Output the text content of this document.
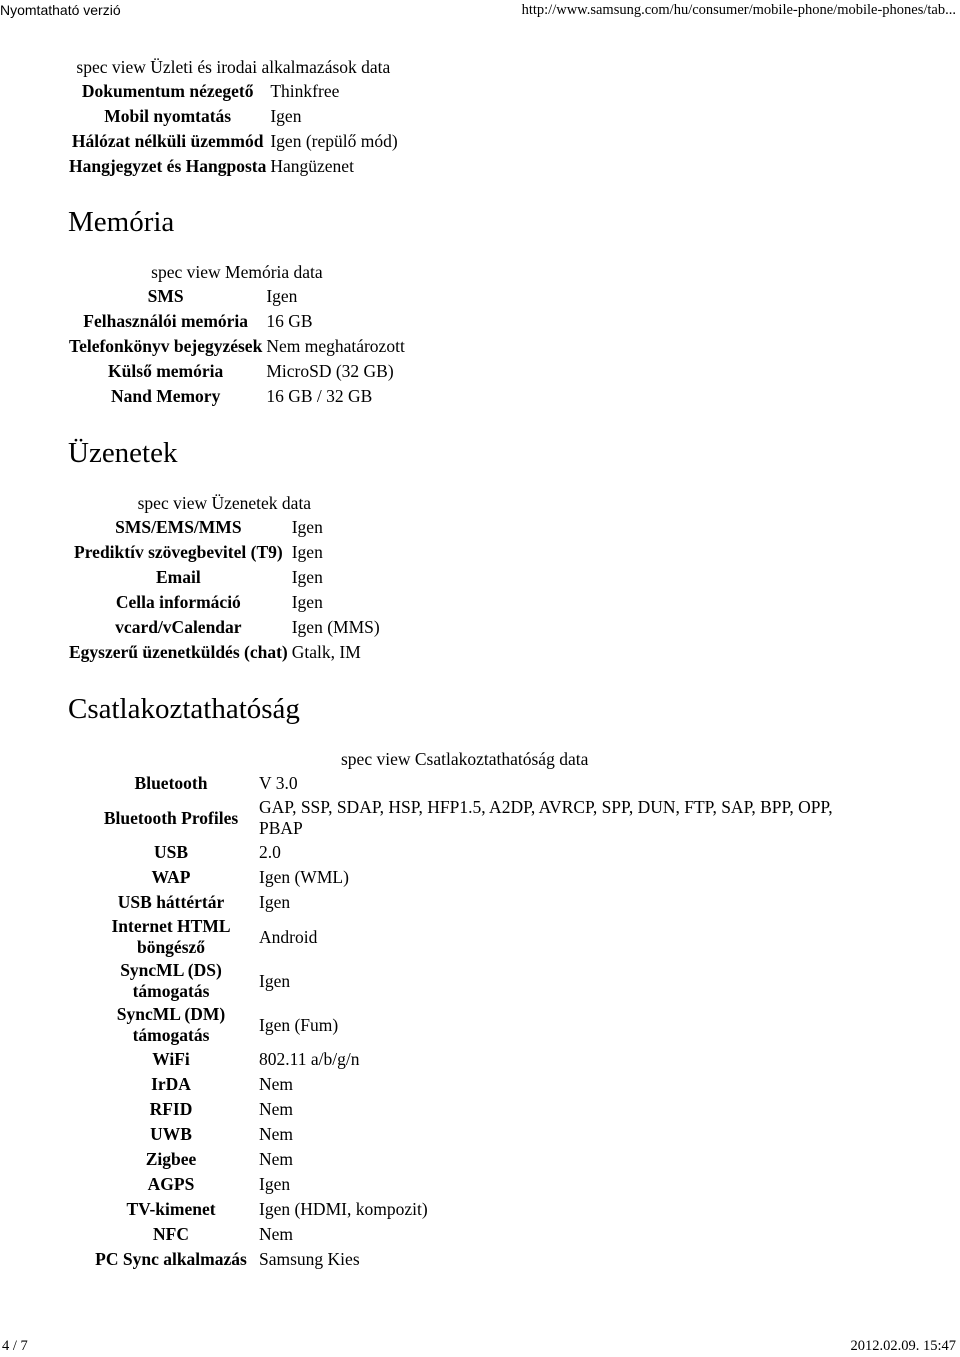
Nyomtatható verzió	http://www.samsung.com/hu/consumer/mobile-phone/mobile-phones/tab...
spec view Üzleti és irodai alkalmazások data
Dokumentum nézegető	Thinkfree
Mobil nyomtatás	Igen
Hálózat nélküli üzemmód	Igen (repülő mód)
Hangjegyzet és Hangposta	Hangüzenet
Memória
spec view Memória data
SMS	Igen
Felhasználói memória	16 GB
Telefonkönyv bejegyzések	Nem meghatározott
Külső memória	MicroSD (32 GB)
Nand Memory	16 GB / 32 GB
Üzenetek
spec view Üzenetek data
SMS/EMS/MMS	Igen
Prediktív szövegbevitel (T9)	Igen
Email	Igen
Cella információ	Igen
vcard/vCalendar	Igen (MMS)
Egyszerű üzenetküldés (chat)	Gtalk, IM
Csatlakoztathatóság
spec view Csatlakoztathatóság data
Bluetooth	V 3.0
Bluetooth Profiles	GAP, SSP, SDAP, HSP, HFP1.5, A2DP, AVRCP, SPP, DUN, FTP, SAP, BPP, OPP, PBAP
USB	2.0
WAP	Igen (WML)
USB háttértár	Igen
Internet HTML böngésző	Android
SyncML (DS) támogatás	Igen
SyncML (DM) támogatás	Igen (Fum)
WiFi	802.11 a/b/g/n
IrDA	Nem
RFID	Nem
UWB	Nem
Zigbee	Nem
AGPS	Igen
TV-kimenet	Igen (HDMI, kompozit)
NFC	Nem
PC Sync alkalmazás	Samsung Kies
4 / 7	2012.02.09. 15:47
